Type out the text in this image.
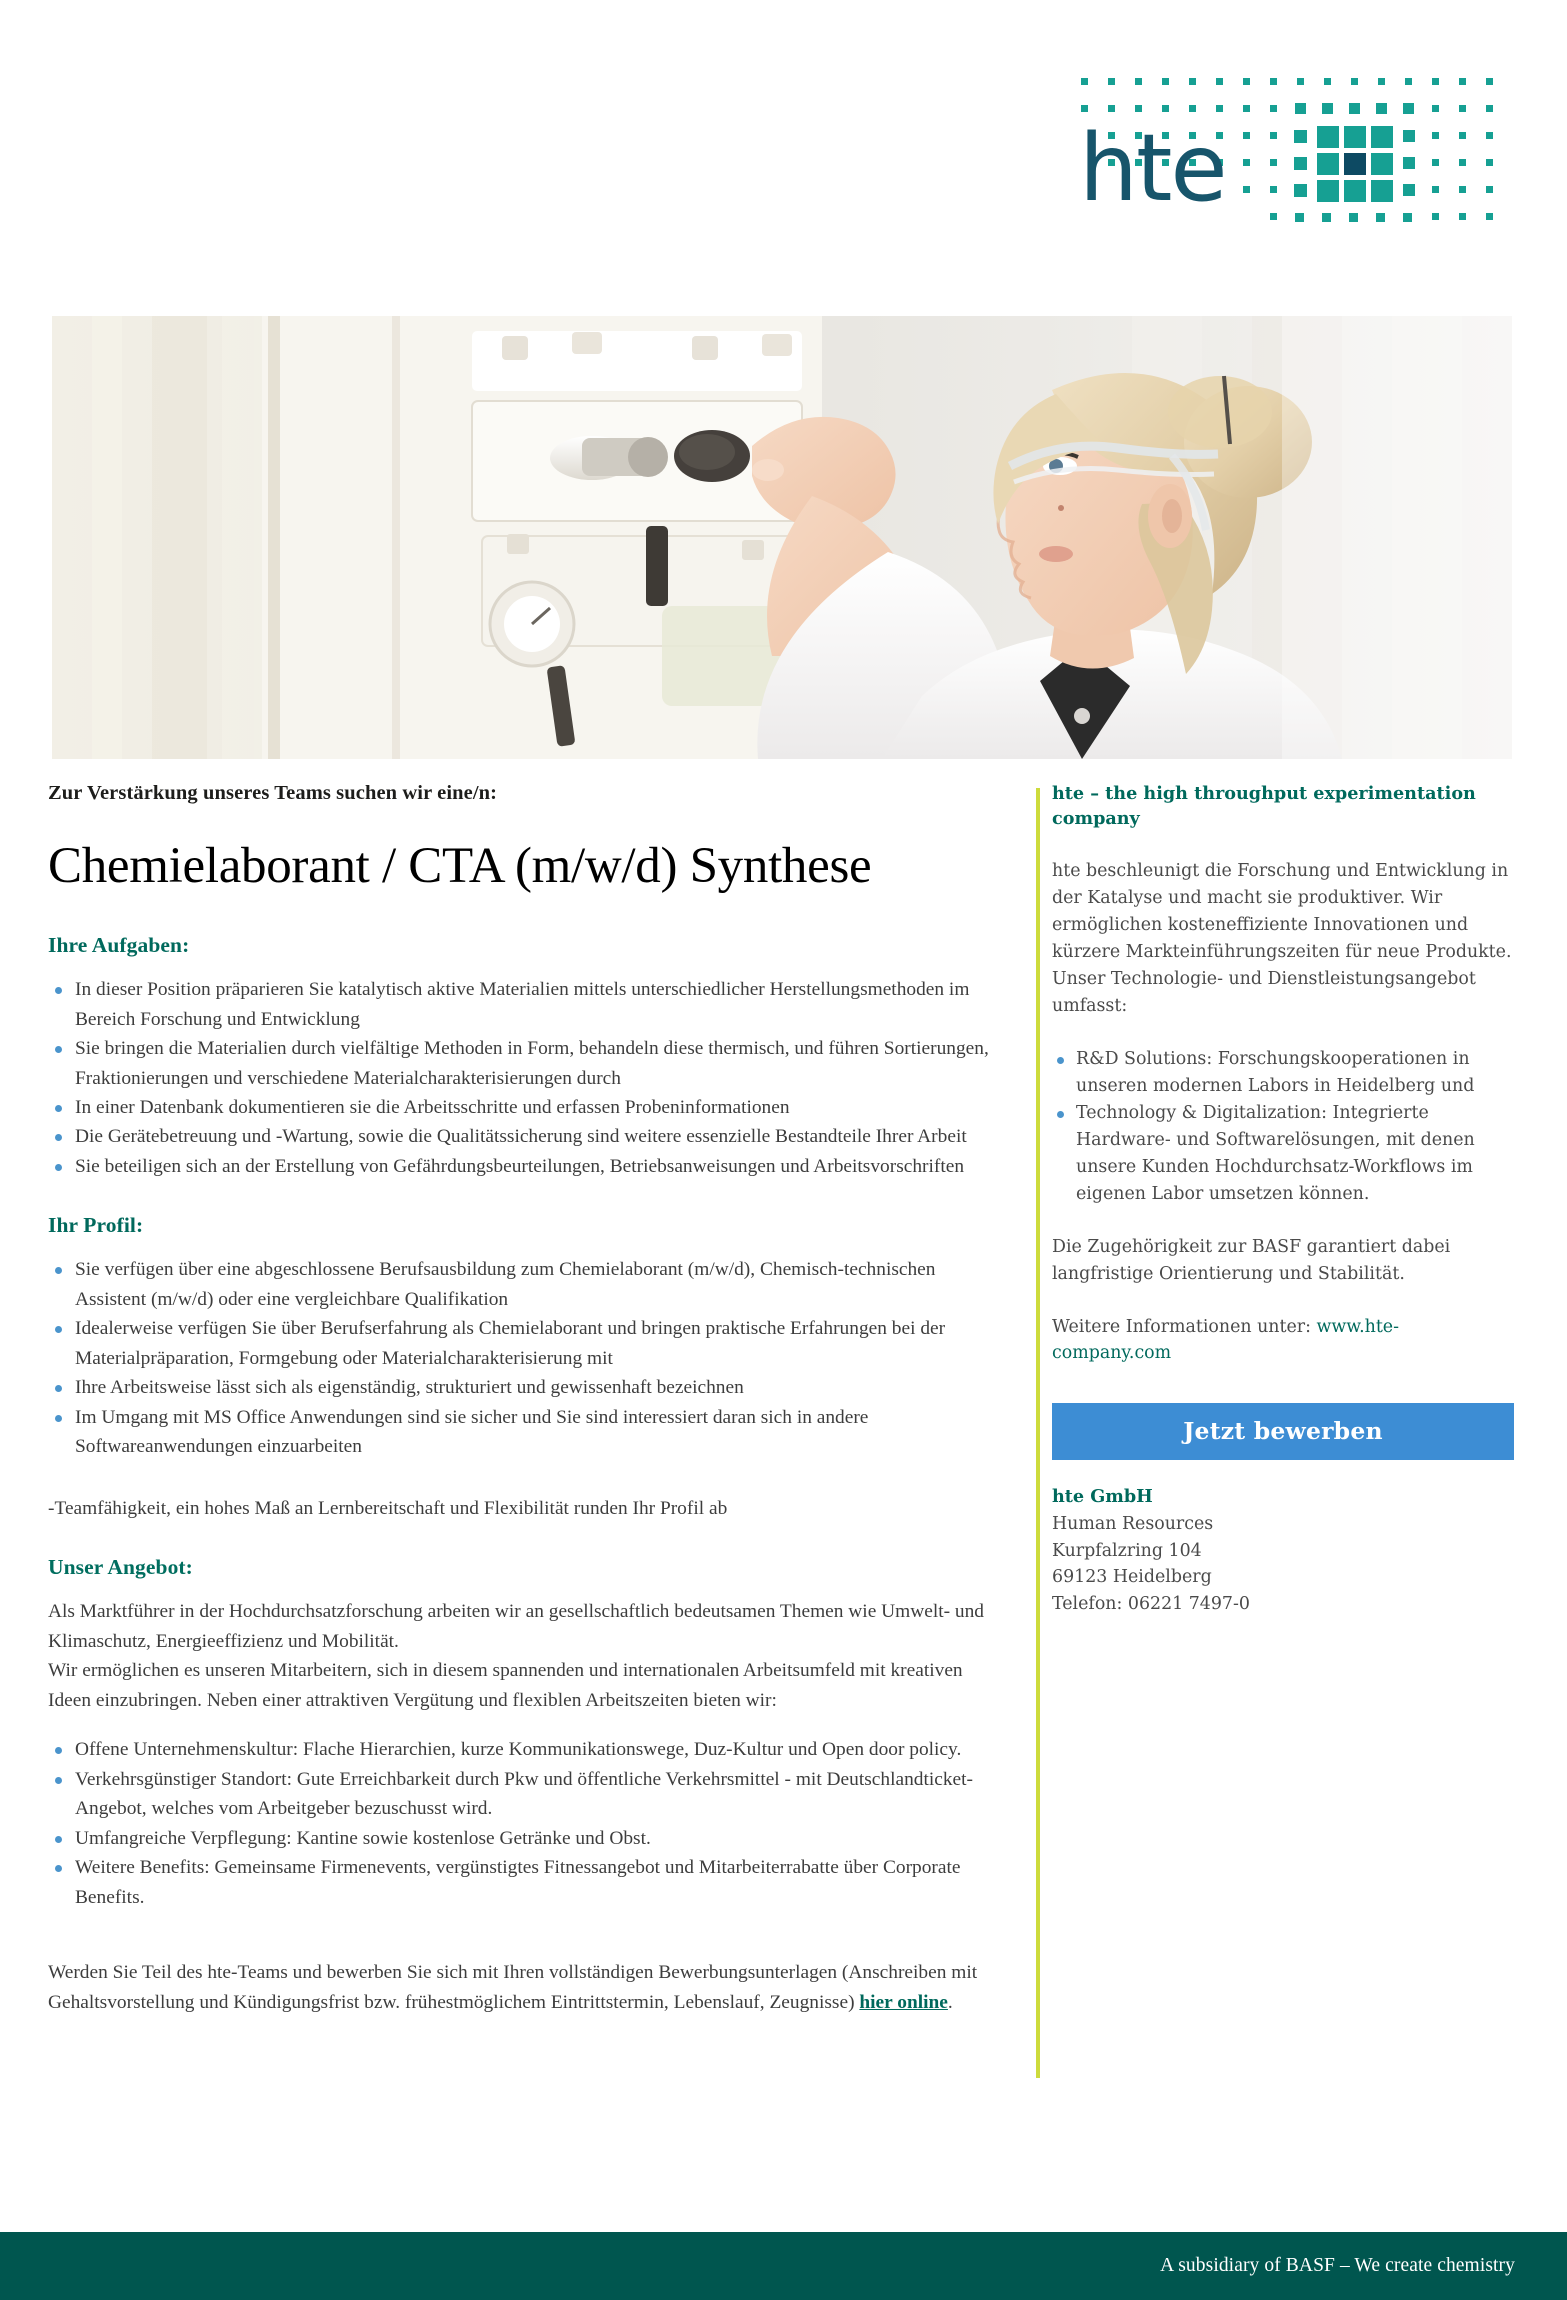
hte

Zur Verstärkung unseres Teams suchen wir eine/n:

Chemielaborant / CTA (m/w/d) Synthese
Ihre Aufgaben:
In dieser Position präparieren Sie katalytisch aktive Materialien mittels unterschiedlicher Herstellungsmethoden im Bereich Forschung und Entwicklung
Sie bringen die Materialien durch vielfältige Methoden in Form, behandeln diese thermisch, und führen Sortierungen, Fraktionierungen und verschiedene Materialcharakterisierungen durch
In einer Datenbank dokumentieren sie die Arbeitsschritte und erfassen Probeninformationen
Die Gerätebetreuung und -Wartung, sowie die Qualitätssicherung sind weitere essenzielle Bestandteile Ihrer Arbeit
Sie beteiligen sich an der Erstellung von Gefährdungsbeurteilungen, Betriebsanweisungen und Arbeitsvorschriften
Ihr Profil:
Sie verfügen über eine abgeschlossene Berufsausbildung zum Chemielaborant (m/w/d), Chemisch-technischen Assistent (m/w/d) oder eine vergleichbare Qualifikation
Idealerweise verfügen Sie über Berufserfahrung als Chemielaborant und bringen praktische Erfahrungen bei der Materialpräparation, Formgebung oder Materialcharakterisierung mit
Ihre Arbeitsweise lässt sich als eigenständig, strukturiert und gewissenhaft bezeichnen
Im Umgang mit MS Office Anwendungen sind sie sicher und Sie sind interessiert daran sich in andere Softwareanwendungen einzuarbeiten

-Teamfähigkeit, ein hohes Maß an Lernbereitschaft und Flexibilität runden Ihr Profil ab

Unser Angebot:

Als Marktführer in der Hochdurchsatzforschung arbeiten wir an gesellschaftlich bedeutsamen Themen wie Umwelt- und Klimaschutz, Energieeffizienz und Mobilität.

Wir ermöglichen es unseren Mitarbeitern, sich in diesem spannenden und internationalen Arbeitsumfeld mit kreativen Ideen einzubringen. Neben einer attraktiven Vergütung und flexiblen Arbeitszeiten bieten wir:

Offene Unternehmenskultur: Flache Hierarchien, kurze Kommunikationswege, Duz-Kultur und Open door policy.
Verkehrsgünstiger Standort: Gute Erreichbarkeit durch Pkw und öffentliche Verkehrsmittel - mit Deutschlandticket-Angebot, welches vom Arbeitgeber bezuschusst wird.
Umfangreiche Verpflegung: Kantine sowie kostenlose Getränke und Obst.
Weitere Benefits: Gemeinsame Firmenevents, vergünstigtes Fitnessangebot und Mitarbeiterrabatte über Corporate Benefits.

Werden Sie Teil des hte-Teams und bewerben Sie sich mit Ihren vollständigen Bewerbungsunterlagen (Anschreiben mit Gehaltsvorstellung und Kündigungsfrist bzw. frühestmöglichem Eintrittstermin, Lebenslauf, Zeugnisse) hier online.

hte – the high throughput experimentation company

hte beschleunigt die Forschung und Entwicklung in der Katalyse und macht sie produktiver. Wir ermöglichen kosteneffiziente Innovationen und kürzere Markteinführungszeiten für neue Produkte. Unser Technologie- und Dienstleistungsangebot umfasst:

R&D Solutions: Forschungskooperationen in unseren modernen Labors in Heidelberg und
Technology & Digitalization: Integrierte Hardware- und Softwarelösungen, mit denen unsere Kunden Hochdurchsatz-Workflows im eigenen Labor umsetzen können.

Die Zugehörigkeit zur BASF garantiert dabei langfristige Orientierung und Stabilität.

Weitere Informationen unter: www.hte-company.com

Jetzt bewerben

hte GmbH

Human Resources

Kurpfalzring 104

69123 Heidelberg

Telefon: 06221 7497-0

A subsidiary of BASF – We create chemistry
